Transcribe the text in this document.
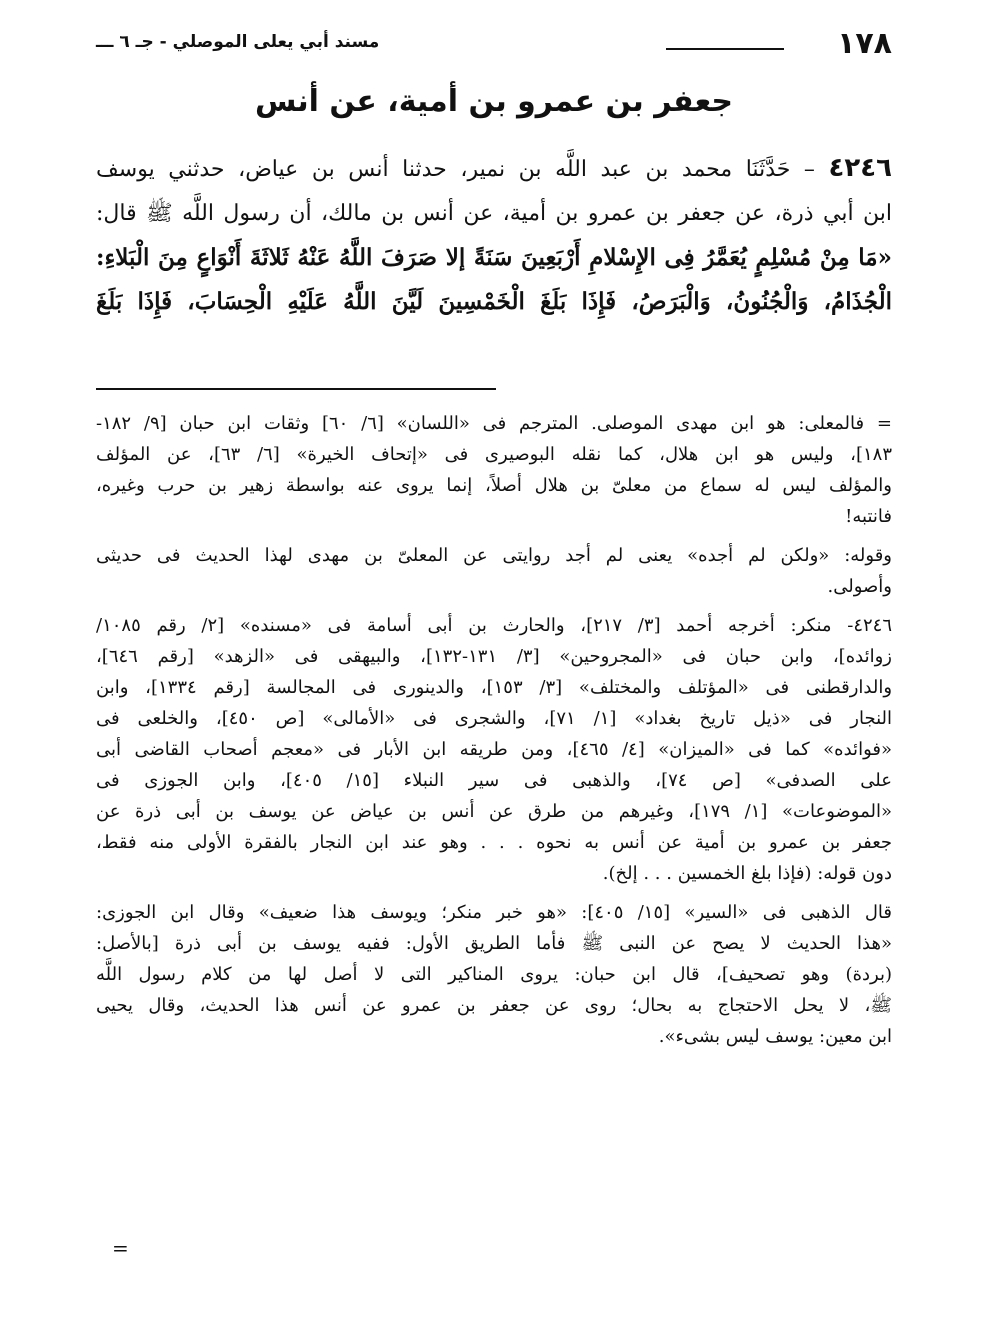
١٧٨
مسند أبي يعلى الموصلي - جـ ٦ ـــ
جعفر بن عمرو بن أمية، عن أنس
٤٢٤٦ – حَدَّثَنَا محمد بن عبد اللَّه بن نمير، حدثنا أنس بن عياض، حدثني يوسف
ابن أبي ذرة، عن جعفر بن عمرو بن أمية، عن أنس بن مالك، أن رسول اللَّه ﷺ قال:
«مَا مِنْ مُسْلِمٍ يُعَمَّرُ فِى الإِسْلامِ أَرْبَعِينَ سَنَةً إلا صَرَفَ اللَّهُ عَنْهُ ثَلاثَةَ أَنْوَاعٍ مِنَ الْبَلاءِ:
الْجُذَامُ، وَالْجُنُونُ، وَالْبَرَصُ، فَإِذَا بَلَغَ الْخَمْسِينَ لَيَّنَ اللَّهُ عَلَيْهِ الْحِسَابَ، فَإِذَا بَلَغَ
= فالمعلى: هو ابن مهدى الموصلى. المترجم فى «اللسان» [٦/ ٦٠] وثقات ابن حبان [٩/ ١٨٢-
١٨٣]، وليس هو ابن هلال، كما نقله البوصيرى فى «إتحاف الخيرة» [٦/ ٦٣]، عن المؤلف
والمؤلف ليس له سماع من معلىّ بن هلال أصلاً، إنما يروى عنه بواسطة زهير بن حرب وغيره،
فانتبه!
وقوله: «ولكن لم أجده» يعنى لم أجد روايتى عن المعلىّ بن مهدى لهذا الحديث فى حديثى
وأصولى.
٤٢٤٦- منكر: أخرجه أحمد [٣/ ٢١٧]، والحارث بن أبى أسامة فى «مسنده» [٢/ رقم ١٠٨٥/
زوائده]، وابن حبان فى «المجروحين» [٣/ ١٣١-١٣٢]، والبيهقى فى «الزهد» [رقم ٦٤٦]،
والدارقطنى فى «المؤتلف والمختلف» [٣/ ١٥٣]، والدينورى فى المجالسة [رقم ١٣٣٤]، وابن
النجار فى «ذيل تاريخ بغداد» [١/ ٧١]، والشجرى فى «الأمالى» [ص ٤٥٠]، والخلعى فى
«فوائده» كما فى «الميزان» [٤/ ٤٦٥]، ومن طريقه ابن الأبار فى «معجم أصحاب القاضى أبى
على الصدفى» [ص ٧٤]، والذهبى فى سير النبلاء [١٥/ ٤٠٥]، وابن الجوزى فى
«الموضوعات» [١/ ١٧٩]، وغيرهم من طرق عن أنس بن عياض عن يوسف بن أبى ذرة عن
جعفر بن عمرو بن أمية عن أنس به نحوه . . . وهو عند ابن النجار بالفقرة الأولى منه فقط،
دون قوله: (فإذا بلغ الخمسين . . . إلخ).
قال الذهبى فى «السير» [١٥/ ٤٠٥]: «هو خبر منكر؛ ويوسف هذا ضعيف» وقال ابن الجوزى:
«هذا الحديث لا يصح عن النبى ﷺ فأما الطريق الأول: ففيه يوسف بن أبى ذرة [بالأصل:
(بردة) وهو تصحيف]، قال ابن حبان: يروى المناكير التى لا أصل لها من كلام رسول اللَّه
ﷺ، لا يحل الاحتجاج به بحال؛ روى عن جعفر بن عمرو عن أنس هذا الحديث، وقال يحيى
ابن معين: يوسف ليس بشىء».
=
